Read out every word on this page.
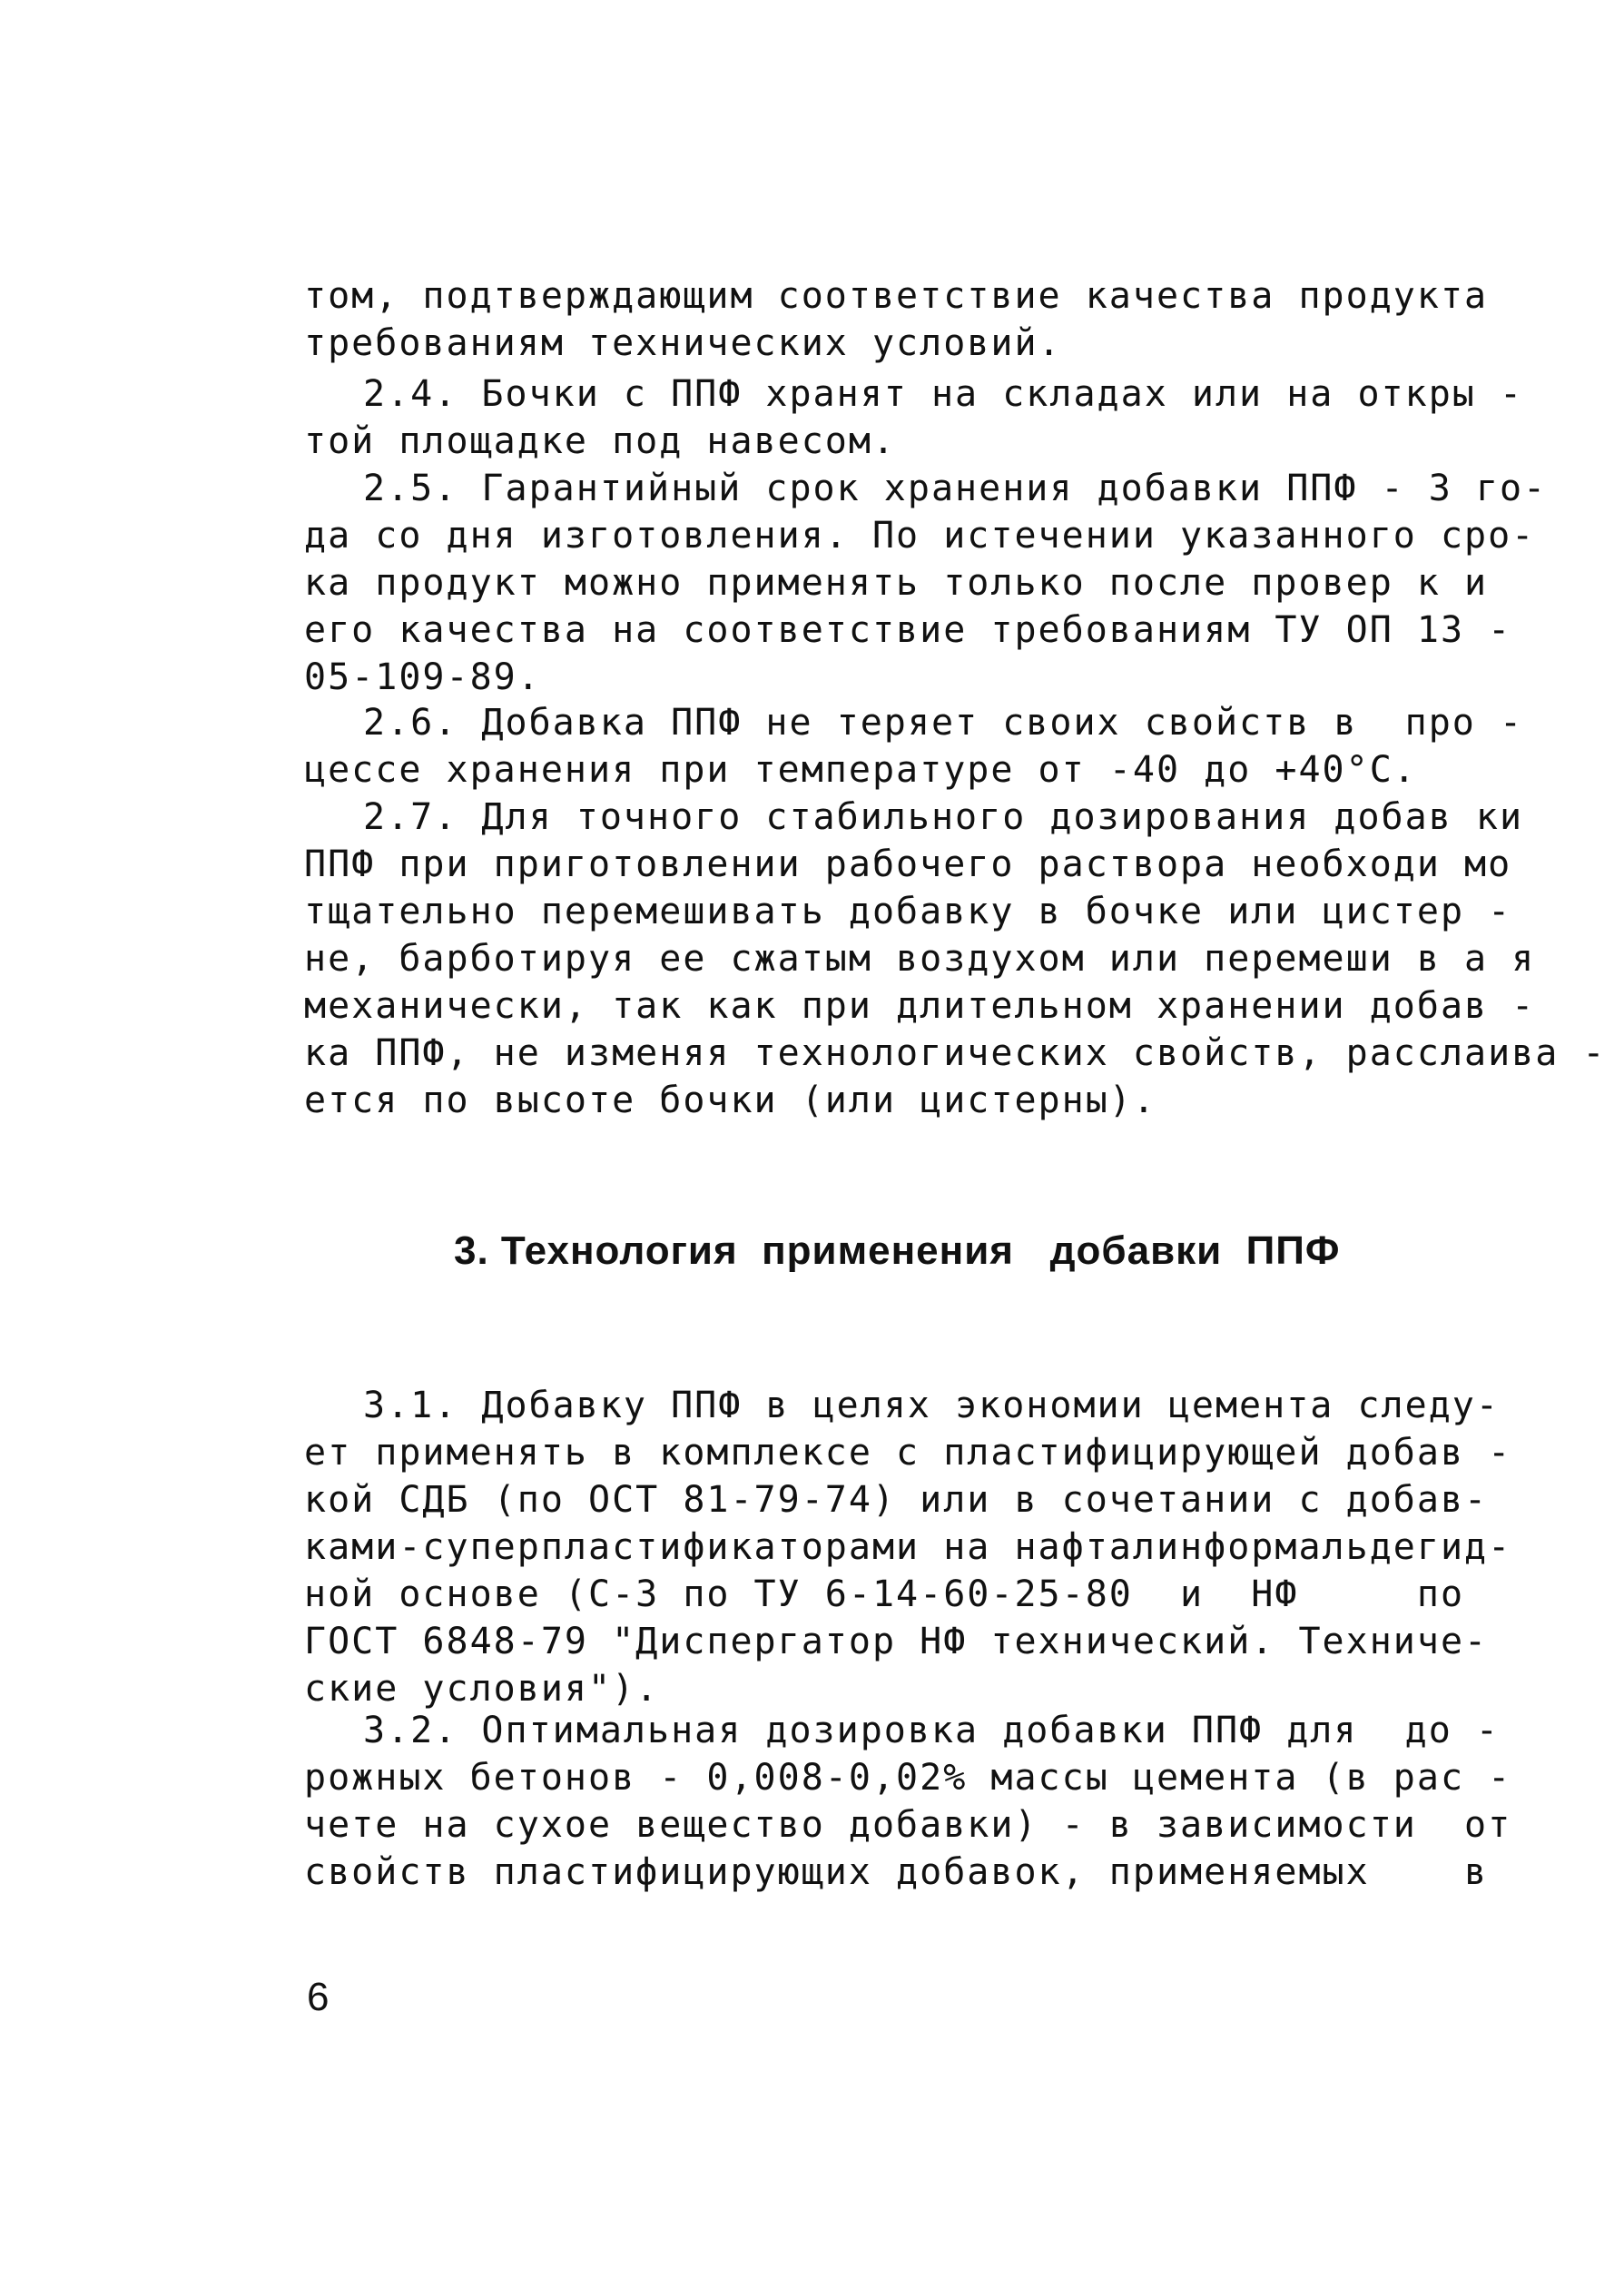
том, подтверждающим соответствие качества продукта
требованиям технических условий.
2.4. Бочки с ППФ хранят на складах или на откры -
той площадке под навесом.
2.5. Гарантийный срок хранения добавки ППФ - 3 го-
да со дня изготовления. По истечении указанного сро-
ка продукт можно применять только после провер к и
его качества на соответствие требованиям ТУ ОП 13 -
05-109-89.
2.6. Добавка ППФ не теряет своих свойств в  про -
цессе хранения при температуре от -40 до +40°С.
2.7. Для точного стабильного дозирования добав ки
ППФ при приготовлении рабочего раствора необходи мо
тщательно перемешивать добавку в бочке или цистер -
не, барботируя ее сжатым воздухом или перемеши в а я
механически, так как при длительном хранении добав -
ка ППФ, не изменяя технологических свойств, расслаива -
ется по высоте бочки (или цистерны).
3. Технология  применения   добавки  ППФ
3.1. Добавку ППФ в целях экономии цемента следу-
ет применять в комплексе с пластифицирующей добав -
кой СДБ (по ОСТ 81-79-74) или в сочетании с добав-
ками-суперпластификаторами на нафталинформальдегид-
ной основе (С-3 по ТУ 6-14-60-25-80  и  НФ     по
ГОСТ 6848-79 "Диспергатор НФ технический. Техниче-
ские условия").
3.2. Оптимальная дозировка добавки ППФ для  до -
рожных бетонов - 0,008-0,02% массы цемента (в рас -
чете на сухое вещество добавки) - в зависимости  от
свойств пластифицирующих добавок, применяемых    в
6
